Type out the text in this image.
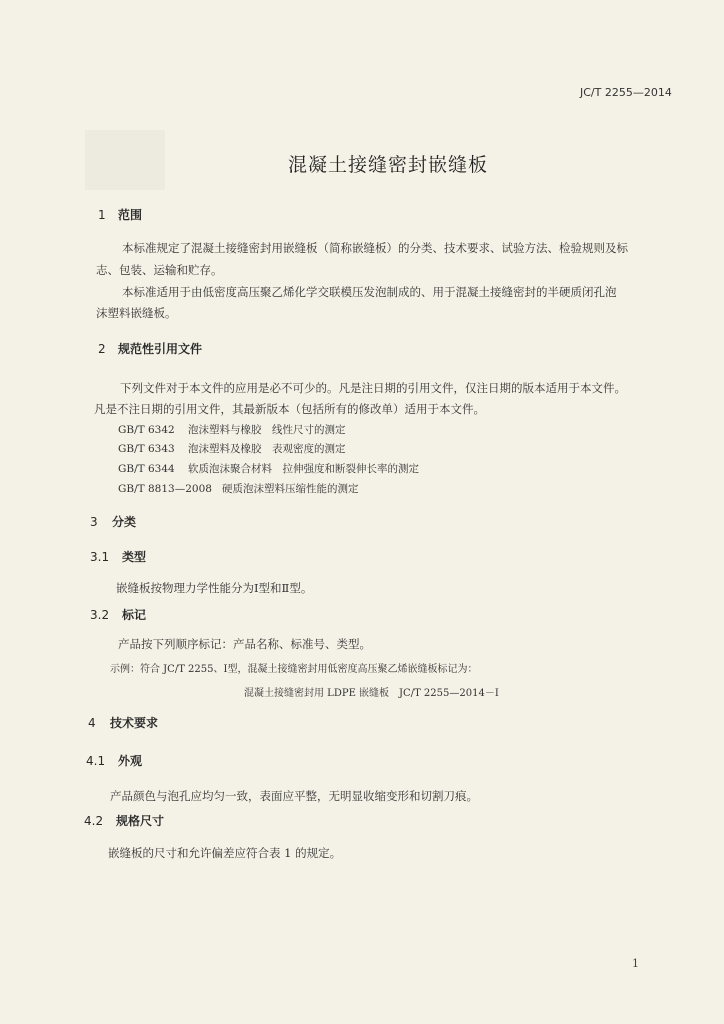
JC/T 2255—2014
混凝土接缝密封嵌缝板
1 范围
本标准规定了混凝土接缝密封用嵌缝板（简称嵌缝板）的分类、技术要求、试验方法、检验规则及标
志、包装、运输和贮存。
本标准适用于由低密度高压聚乙烯化学交联模压发泡制成的、用于混凝土接缝密封的半硬质闭孔泡
沫塑料嵌缝板。
2 规范性引用文件
下列文件对于本文件的应用是必不可少的。凡是注日期的引用文件，仅注日期的版本适用于本文件。
凡是不注日期的引用文件，其最新版本（包括所有的修改单）适用于本文件。
GB/T 6342 泡沫塑料与橡胶　线性尺寸的测定
GB/T 6343 泡沫塑料及橡胶　表观密度的测定
GB/T 6344 软质泡沫聚合材料　拉伸强度和断裂伸长率的测定
GB/T 8813—2008 硬质泡沫塑料压缩性能的测定
3 分类
3.1 类型
嵌缝板按物理力学性能分为Ⅰ型和Ⅱ型。
3.2 标记
产品按下列顺序标记：产品名称、标准号、类型。
示例：符合 JC/T 2255、Ⅰ型，混凝土接缝密封用低密度高压聚乙烯嵌缝板标记为：
混凝土接缝密封用 LDPE 嵌缝板　JC/T 2255—2014－Ⅰ
4 技术要求
4.1 外观
产品颜色与泡孔应均匀一致，表面应平整，无明显收缩变形和切割刀痕。
4.2 规格尺寸
嵌缝板的尺寸和允许偏差应符合表 1 的规定。
1
